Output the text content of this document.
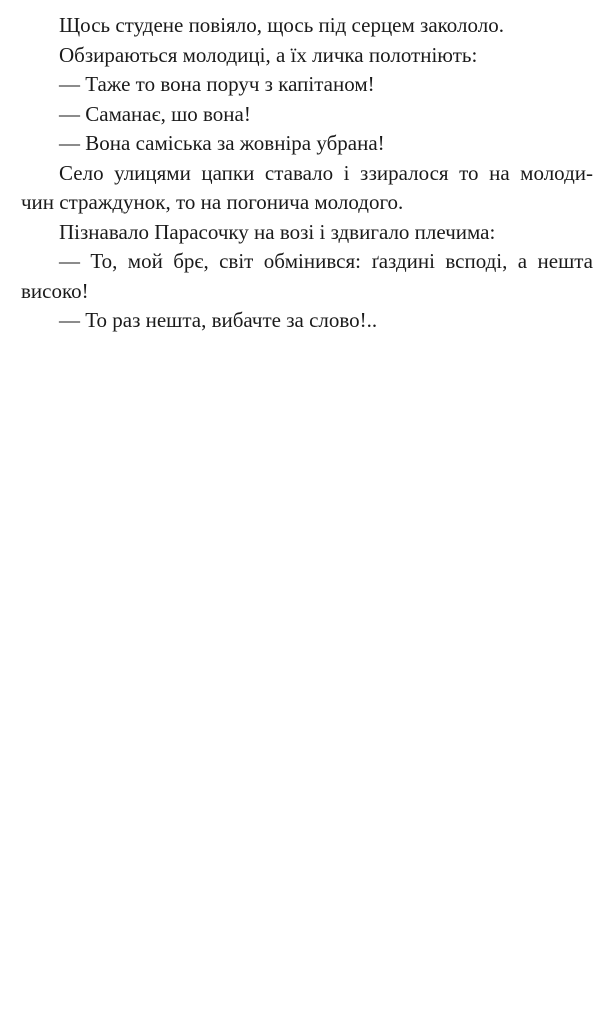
Щось студене повіяло, щось під серцем закололо.

Обзираються молодиці, а їх личка полотніють:

— Таже то вона поруч з капітаном!

— Саманає, шо вона!

— Вона саміська за жовніра убрана!

Село улицями цапки ставало і ззиралося то на молоди-

чин страждунок, то на погонича молодого.

Пізнавало Парасочку на возі і здвигало плечима:

— То, мой брє, світ обмінився: ґаздині всподі, а нешта

високо!

— То раз нешта, вибачте за слово!..
